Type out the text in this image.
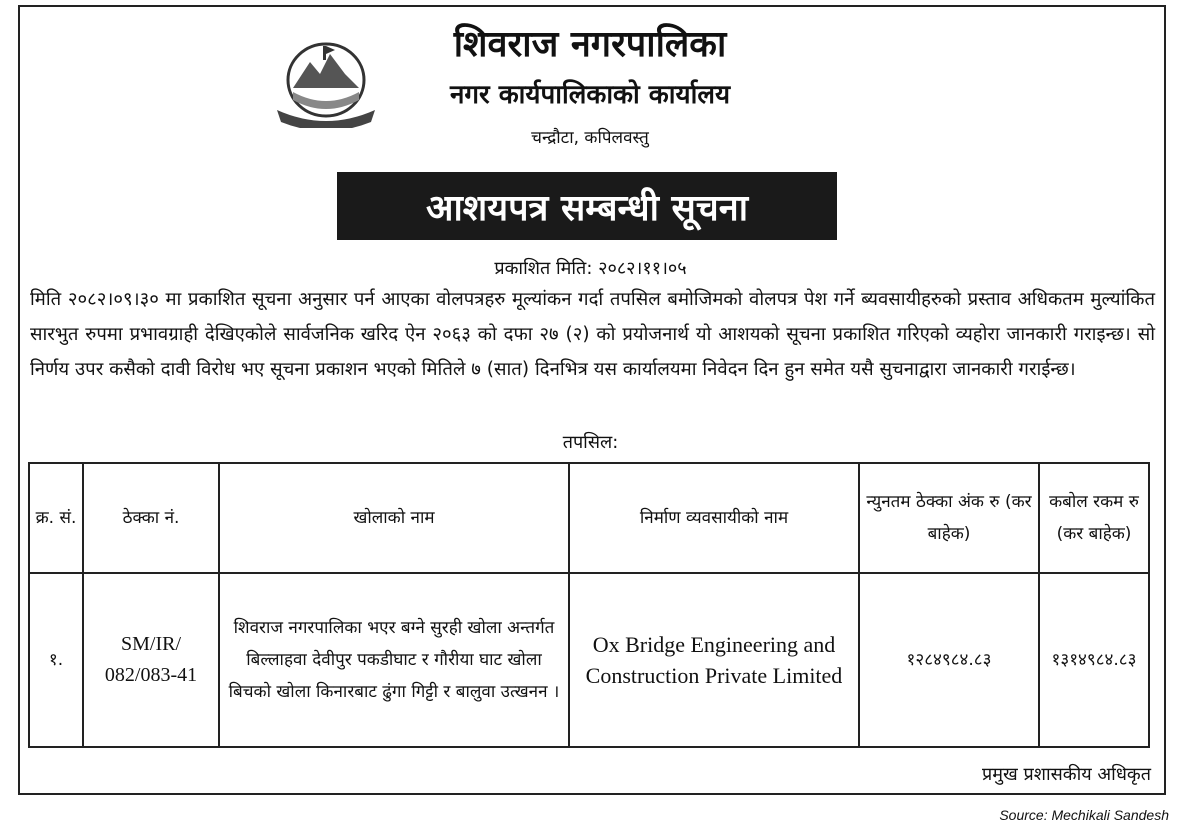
शिवराज नगरपालिका
नगर कार्यपालिकाको कार्यालय
चन्द्रौटा, कपिलवस्तु
आशयपत्र सम्बन्धी सूचना
प्रकाशित मिति: २०८२।११।०५
मिति २०८२।०९।३० मा प्रकाशित सूचना अनुसार पर्न आएका वोलपत्रहरु मूल्यांकन गर्दा तपसिल बमोजिमको वोलपत्र पेश गर्ने ब्यवसायीहरुको प्रस्ताव अधिकतम मुल्यांकित सारभुत रुपमा प्रभावग्राही देखिएकोले सार्वजनिक खरिद ऐन २०६३ को दफा २७ (२) को प्रयोजनार्थ यो आशयको सूचना प्रकाशित गरिएको व्यहोरा जानकारी गराइन्छ। सो निर्णय उपर कसैको दावी विरोध भए सूचना प्रकाशन भएको मितिले ७ (सात) दिनभित्र यस कार्यालयमा निवेदन दिन हुन समेत यसै सुचनाद्वारा जानकारी गराईन्छ।
तपसिल:
क्र. सं.	ठेक्का नं.	खोलाको नाम	निर्माण व्यवसायीको नाम	न्युनतम ठेक्का अंक रु (कर बाहेक)	कबोल रकम रु (कर बाहेक)
१.	SM/IR/ 082/083-41	शिवराज नगरपालिका भएर बग्ने सुरही खोला अन्तर्गत बिल्लाहवा देवीपुर पकडीघाट र गौरीया घाट खोला बिचको खोला किनारबाट ढुंगा गिट्टी र बालुवा उत्खनन ।	Ox Bridge Engineering and Construction Private Limited	१२८४९८४.८३	१३१४९८४.८३
प्रमुख प्रशासकीय अधिकृत
Source: Mechikali Sandesh
